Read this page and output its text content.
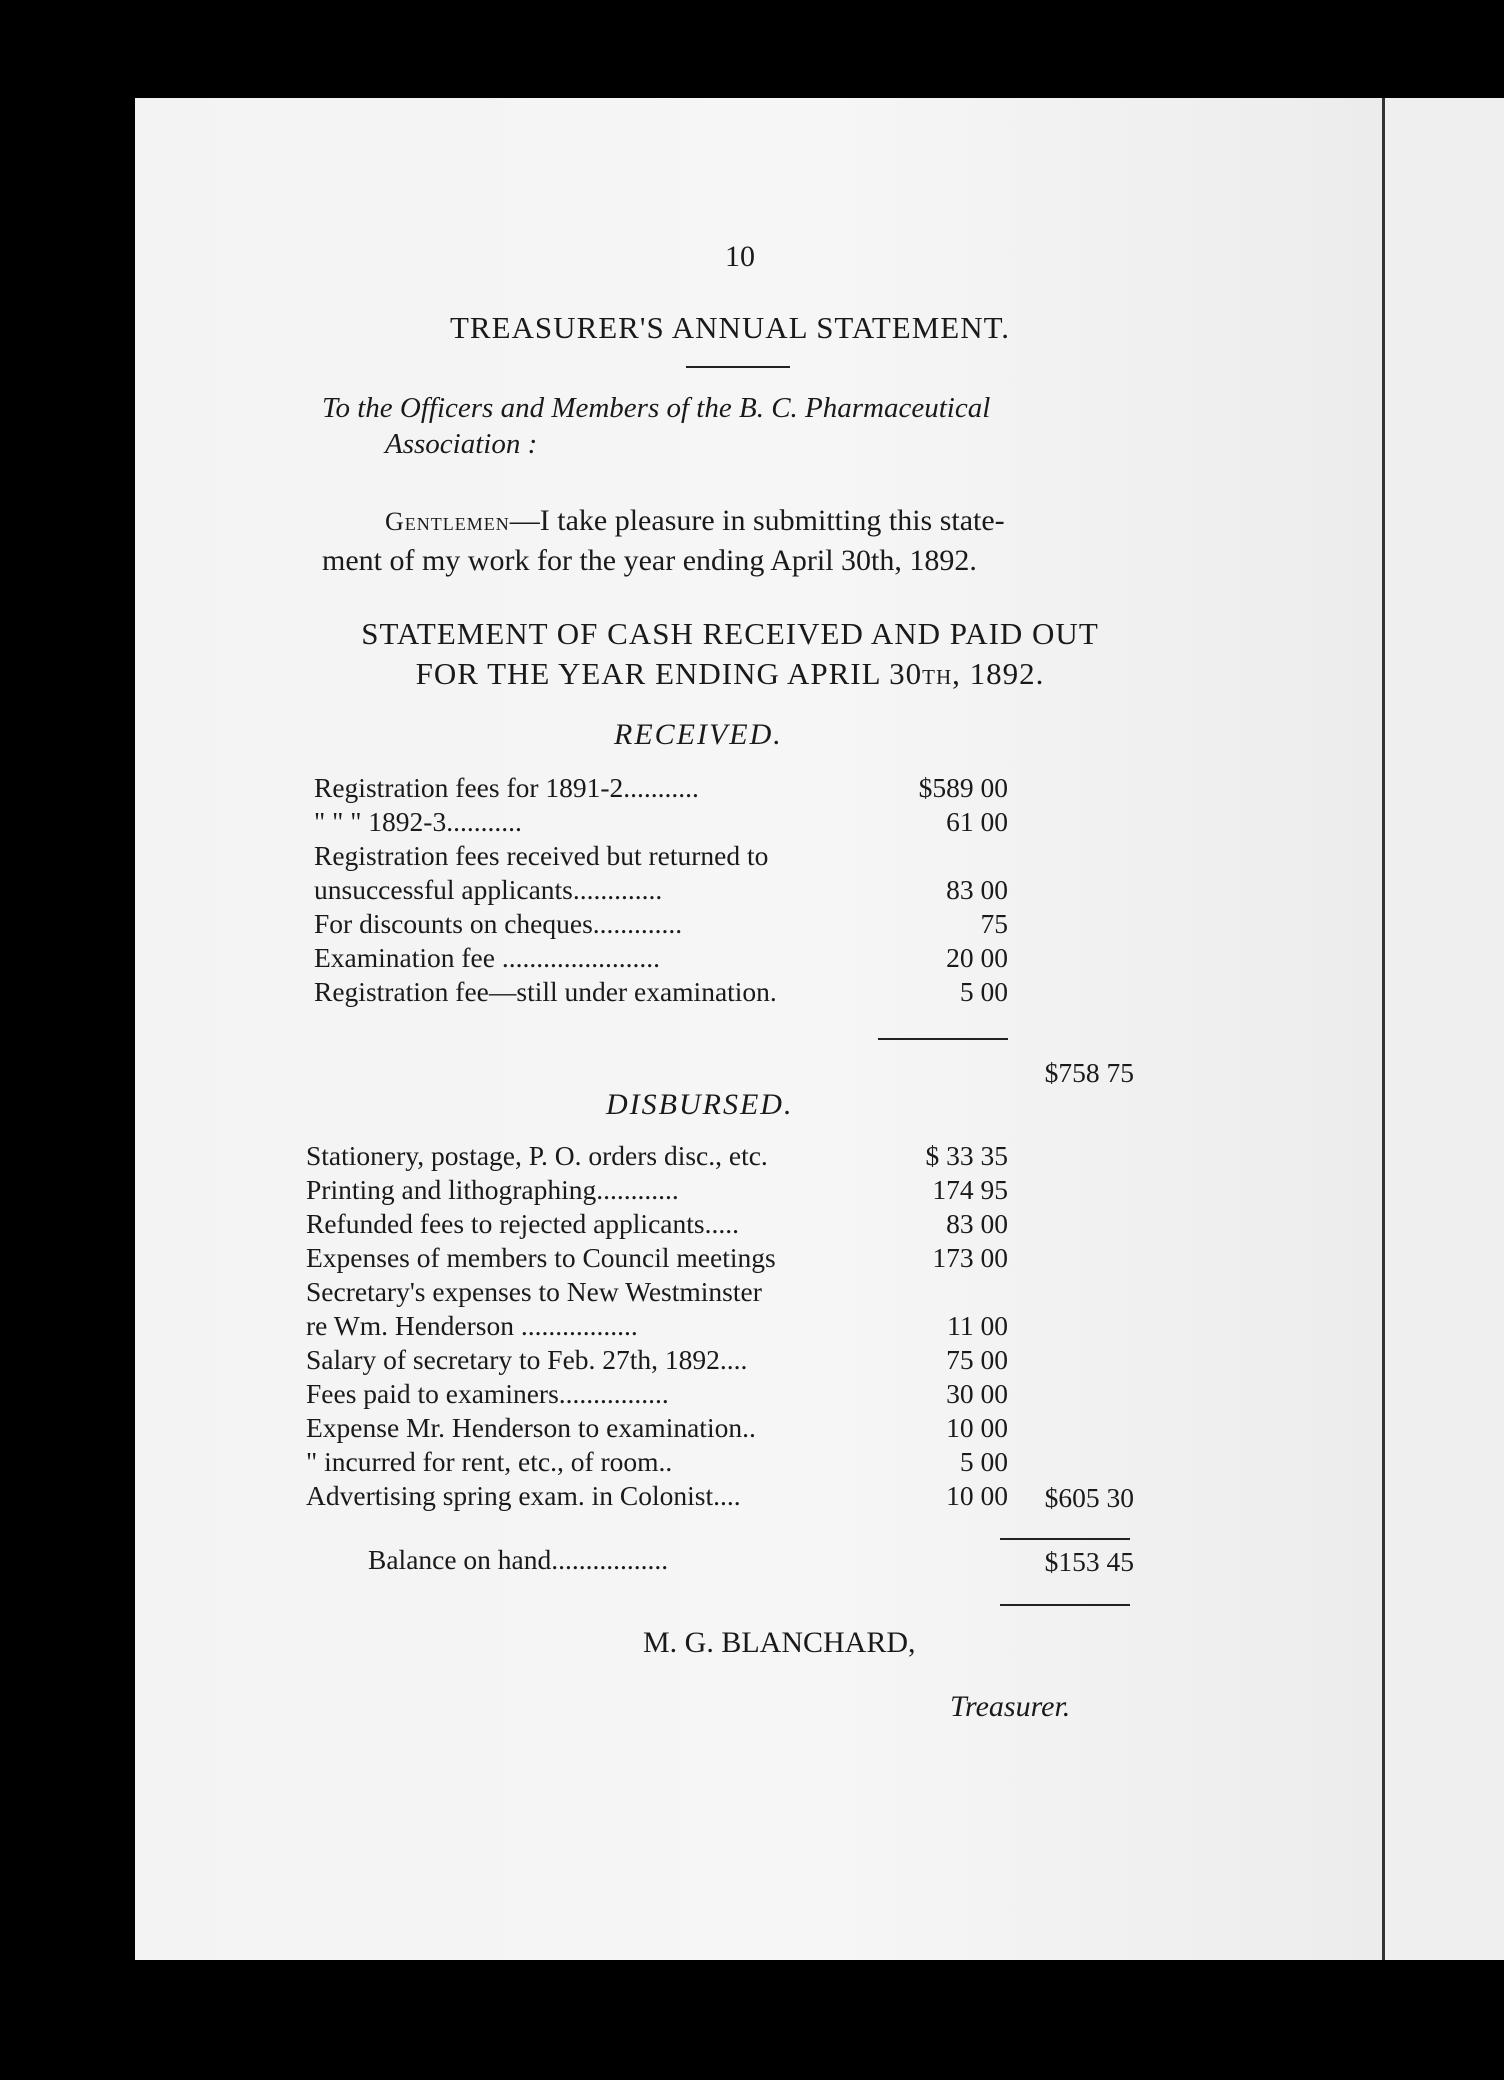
10
TREASURER'S ANNUAL STATEMENT.
To the Officers and Members of the B. C. Pharmaceutical
Association :
Gentlemen—I take pleasure in submitting this state-
ment of my work for the year ending April 30th, 1892.
STATEMENT OF CASH RECEIVED AND PAID OUT
FOR THE YEAR ENDING APRIL 30TH, 1892.
RECEIVED.
Registration fees for 1891-2...........	$589 00
" " " 1892-3...........	61 00
Registration fees received but returned to
unsuccessful applicants.............	83 00
For discounts on cheques.............	75
Examination fee .......................	20 00
Registration fee—still under examination.	5 00
$758 75
DISBURSED.
Stationery, postage, P. O. orders disc., etc.	$ 33 35
Printing and lithographing............	174 95
Refunded fees to rejected applicants.....	83 00
Expenses of members to Council meetings	173 00
Secretary's expenses to New Westminster
re Wm. Henderson .................	11 00
Salary of secretary to Feb. 27th, 1892....	75 00
Fees paid to examiners................	30 00
Expense Mr. Henderson to examination..	10 00
" incurred for rent, etc., of room..	5 00
Advertising spring exam. in Colonist....	10 00 $605 30
Balance on hand.................	$153 45
M. G. BLANCHARD,
Treasurer.
